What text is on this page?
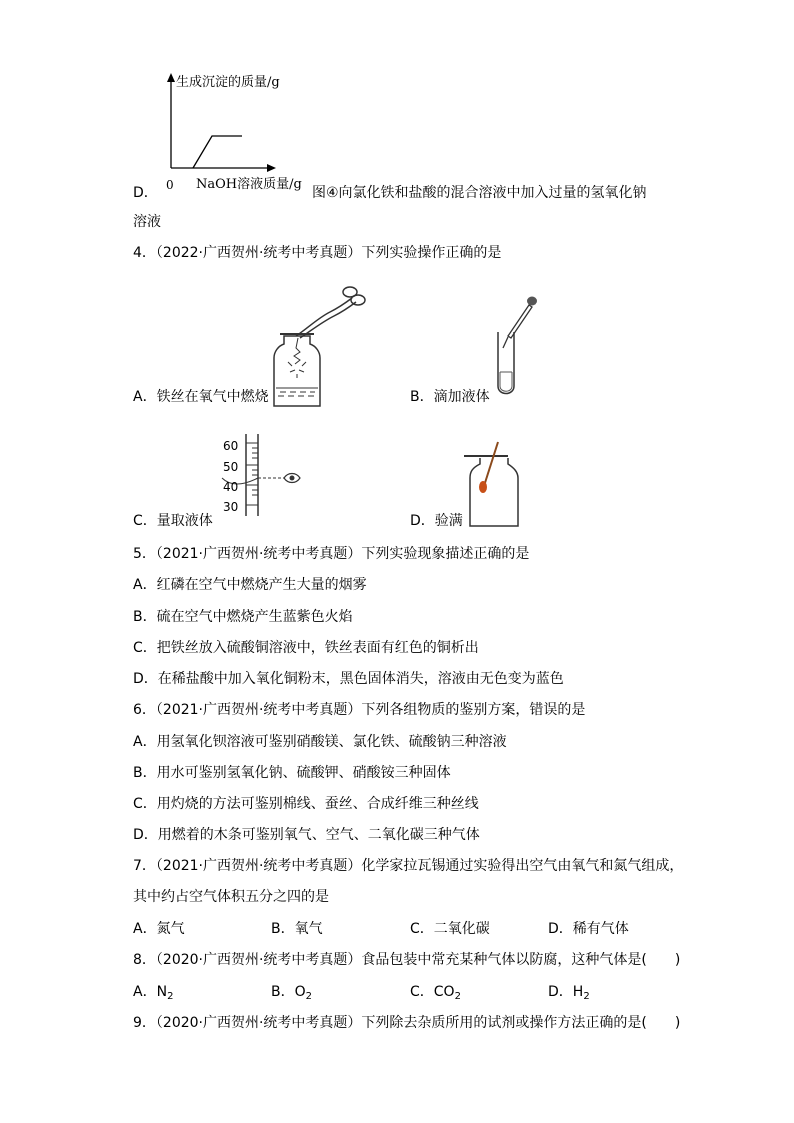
生成沉淀的质量/g
0 NaOH溶液质量/g
D．	图④向氯化铁和盐酸的混合溶液中加入过量的氢氧化钠
溶液
4．（2022·广西贺州·统考中考真题）下列实验操作正确的是
A．铁丝在氧气中燃烧	B．滴加液体
60
50
40
30
C．量取液体	D．验满
5．（2021·广西贺州·统考中考真题）下列实验现象描述正确的是
A．红磷在空气中燃烧产生大量的烟雾
B．硫在空气中燃烧产生蓝紫色火焰
C．把铁丝放入硫酸铜溶液中，铁丝表面有红色的铜析出
D．在稀盐酸中加入氧化铜粉末，黑色固体消失，溶液由无色变为蓝色
6．（2021·广西贺州·统考中考真题）下列各组物质的鉴别方案，错误的是
A．用氢氧化钡溶液可鉴别硝酸镁、氯化铁、硫酸钠三种溶液
B．用水可鉴别氢氧化钠、硫酸钾、硝酸铵三种固体
C．用灼烧的方法可鉴别棉线、蚕丝、合成纤维三种丝线
D．用燃着的木条可鉴别氧气、空气、二氧化碳三种气体
7．（2021·广西贺州·统考中考真题）化学家拉瓦锡通过实验得出空气由氧气和氮气组成，
其中约占空气体积五分之四的是
A．氮气	B．氧气	C．二氧化碳	D．稀有气体
8．（2020·广西贺州·统考中考真题）食品包装中常充某种气体以防腐，这种气体是(　　)
A．$N_2$	B．$O_2$	C．$CO_2$	D．$H_2$
9．（2020·广西贺州·统考中考真题）下列除去杂质所用的试剂或操作方法正确的是(　　)
